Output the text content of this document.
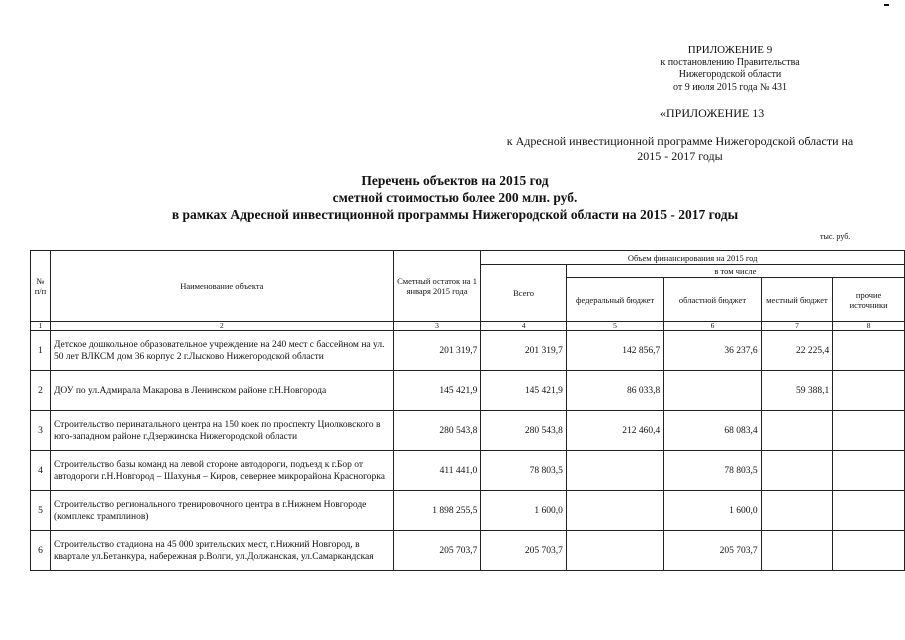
ПРИЛОЖЕНИЕ 9
к постановлению Правительства
Нижегородской области
от 9 июля 2015 года № 431
«ПРИЛОЖЕНИЕ 13
к Адресной инвестиционной программе Нижегородской области на
2015 - 2017 годы
Перечень объектов на 2015 год
сметной стоимостью более 200 млн. руб.
в рамках Адресной инвестиционной программы Нижегородской области на 2015 - 2017 годы
тыс. руб.
№ п/п	Наименование объекта	Сметный остаток на 1 января 2015 года	Объем финансирования на 2015 год				
			Всего	в том числе			
				федеральный бюджет	областной бюджет	местный бюджет	прочие источники
1	2	3	4	5	6	7	8
1	Детское дошкольное образовательное учреждение на 240 мест с бассейном на ул. 50 лет ВЛКСМ дом 36 корпус 2 г.Лысково Нижегородской области	201 319,7	201 319,7	142 856,7	36 237,6	22 225,4	
2	ДОУ по ул.Адмирала Макарова в Ленинском районе г.Н.Новгорода	145 421,9	145 421,9	86 033,8		59 388,1	
3	Строительство перинатального центра на 150 коек по проспекту Циолковского в юго-западном районе г.Дзержинска Нижегородской области	280 543,8	280 543,8	212 460,4	68 083,4		
4	Строительство базы команд на левой стороне автодороги, подъезд к г.Бор от автодороги г.Н.Новгород – Шахунья – Киров, севернее микрорайона Красногорка	411 441,0	78 803,5		78 803,5		
5	Строительство регионального тренировочного центра в г.Нижнем Новгороде (комплекс трамплинов)	1 898 255,5	1 600,0		1 600,0		
6	Строительство стадиона на 45 000 зрительских мест, г.Нижний Новгород, в квартале ул.Бетанкура, набережная р.Волги, ул.Должанская, ул.Самаркандская	205 703,7	205 703,7		205 703,7		
